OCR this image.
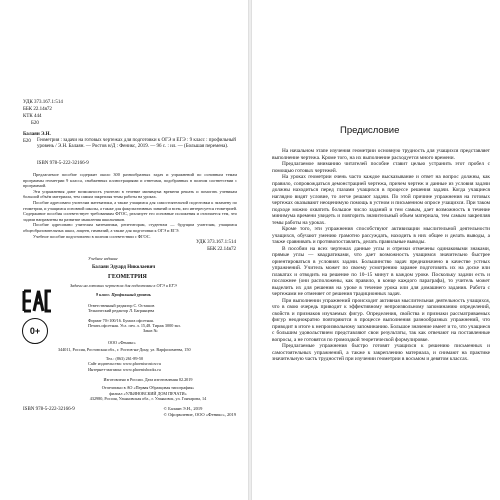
УДК 373.167.1:514
ББК 22.14я72
КТК 444
Б20
Балаян Э.Н.
Б20 Геометрия : задачи на готовых чертежах для подготовки к ОГЭ и ЕГЭ : 9 класс : профильный уровень / Э.Н. Балаян. — Ростов н/Д : Феникс, 2019. — 96 с. : ил. — (Большая перемена).
ISBN 978-5-222-32166-9

Предлагаемое пособие содержит около 300 разнообразных задач и упражнений по основным темам программы геометрии 9 класса, снабженных иллюстрациями и ответами, подобранных в полном соответствии с программой.

Эти упражнения дают возможность учителю в течение минимума времени решать и помогать ученикам большой объём материала, тем самым закрепляя темы работы на уроках.

Пособие адресовано учителям математики, а также учащимся для самостоятельной подготовки к экзамену по геометрии, и учащимся основной школы, а также для факультативных занятий и всем, кто интересуется геометрией. Содержание пособия соответствует требованиям ФГОС, реализует его основные положения и отличается тем, что задачи направлены на развитие мышления школьников.

Пособие адресовано учителям математики, репетиторам, студентам — будущим учителям, учащимся общеобразовательных школ, лицеев, гимназий, а также для подготовки к ОГЭ и ЕГЭ.

Учебное пособие подготовлено в полном соответствии с ФГОС.

УДК 373.167.1:514
ББК 22.14я72
0+
Учебное издание
Балаян Эдуард Николаевич
ГЕОМЕТРИЯ
Задачи на готовых чертежах для подготовки к ОГЭ и ЕГЭ
9 класс. Профильный уровень
Ответственный редактор С. Осташов
Технический редактор Л. Багрянцева
Формат 70×100/16. Бумага офсетная.
Печать офсетная. Усл. печ. л. 15,48. Тираж 3000 экз.
Заказ №
ООО «Феникс»
344011, Россия, Ростовская обл., г. Ростов-на-Дону, ул. Варфоломеева, 150
Тел.: (863) 261-89-50
Сайт издательства: www.phoenixrostov.ru
Интернет-магазин: www.phoenixbooks.ru
Изготовлено в России. Дата изготовления 02.2019
Отпечатано в АО «Первая Образцовая типография»
филиал «УЛЬЯНОВСКИЙ ДОМ ПЕЧАТИ»
432980, Россия, Ульяновская обл., г. Ульяновск, ул. Гончарова, 14
ISBN 978-5-222-32166-9	© Балаян Э.Н., 2019
© Оформление, ООО «Феникс», 2019
Предисловие

На начальном этапе изучения геометрии основную трудность для учащихся представляет выполнение чертежа. Кроме того, на их выполнение расходуется много времени.

Предлагаемое вниманию читателей пособие ставит целью устранить этот пробел с помощью готовых чертежей.

На уроках геометрии очень часто каждое высказывание и ответ на вопрос должны, как правило, сопровождаться демонстрацией чертежа, причем чертеж и данные из условия задачи должны находиться перед глазами учащихся в процессе решения задачи. Когда учащиеся наглядно видят условие, то легче решают задачи. По этой причине упражнения на готовых чертежах оказывают неоценимую помощь в устном и письменном опросе учащихся. При таком подходе можно охватить большое число заданий и тем самым, дает возможность в течение минимума времени увидеть и повторить значительный объем материала, тем самым закрепляя темы работы на уроках.

Кроме того, эти упражнения способствуют активизации мыслительной деятельности учащихся, обучают умению грамотно рассуждать, находить в них общее и делать выводы, а также сравнивать и противопоставлять, делать правильные выводы.

В пособии на всех чертежах данные углы и отрезки отмечены одинаковыми знаками, прямые углы — квадратиками, что дает возможность учащимся значительно быстрее ориентироваться в условиях задачи. Большинство задач предназначено в качестве устных упражнений. Учитель может по своему усмотрению заранее подготовить их на доске или плакатах и отводить на решение по 10–15 минут в каждом уроке. Поскольку задачи есть и посложнее (они расположены, как правило, в конце каждого параграфа), то учитель может выделить их для решения на уроке в течение урока или для домашнего задания. Работа с чертежами не отменяет от решения традиционных задач.

При выполнении упражнений происходит активная мыслительная деятельность учащихся, что в свою очередь приводит к эффективному непроизвольному запоминанию определений, свойств и признаков изучаемых фигур. Определения, свойства и признаки рассматриваемых фигур неоднократно повторяются в процессе выполнения разнообразных упражнений, что приводит в итоге к непроизвольному запоминанию. Большое значение имеет и то, что учащиеся с большим удовольствием представляют свои результаты, так как отвечают на поставленные вопросы, а не готовятся по громоздкой теоретической формулировке.

Предлагаемые упражнения быстро готовят учащихся к решению письменных и самостоятельных упражнений, а также к закреплению материала, и снимают на практике значительную часть трудностей при изучении геометрии в восьмом и девятом классах.
